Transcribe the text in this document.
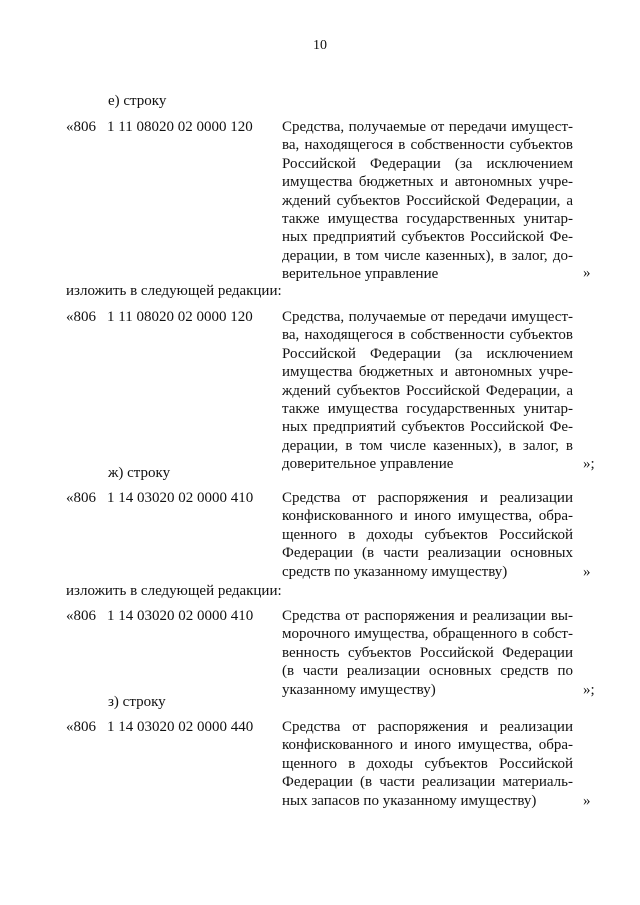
10
е) строку
«806 1 11 08020 02 0000 120 Средства, получаемые от передачи имущест-
ва, находящегося в собственности субъектов
Российской Федерации (за исключением
имущества бюджетных и автономных учре-
ждений субъектов Российской Федерации, а
также имущества государственных унитар-
ных предприятий субъектов Российской Фе-
дерации, в том числе казенных), в залог, до-
верительное управление	»
изложить в следующей редакции:
«806 1 11 08020 02 0000 120 Средства, получаемые от передачи имущест-
ва, находящегося в собственности субъектов
Российской Федерации (за исключением
имущества бюджетных и автономных учре-
ждений субъектов Российской Федерации, а
также имущества государственных унитар-
ных предприятий субъектов Российской Фе-
дерации, в том числе казенных), в залог, в
доверительное управление	»;
ж) строку
«806 1 14 03020 02 0000 410 Средства от распоряжения и реализации
конфискованного и иного имущества, обра-
щенного в доходы субъектов Российской
Федерации (в части реализации основных
средств по указанному имуществу)	»
изложить в следующей редакции:
«806 1 14 03020 02 0000 410 Средства от распоряжения и реализации вы-
морочного имущества, обращенного в собст-
венность субъектов Российской Федерации
(в части реализации основных средств по
указанному имуществу)	»;
з) строку
«806 1 14 03020 02 0000 440 Средства от распоряжения и реализации
конфискованного и иного имущества, обра-
щенного в доходы субъектов Российской
Федерации (в части реализации материаль-
ных запасов по указанному имуществу)	»
